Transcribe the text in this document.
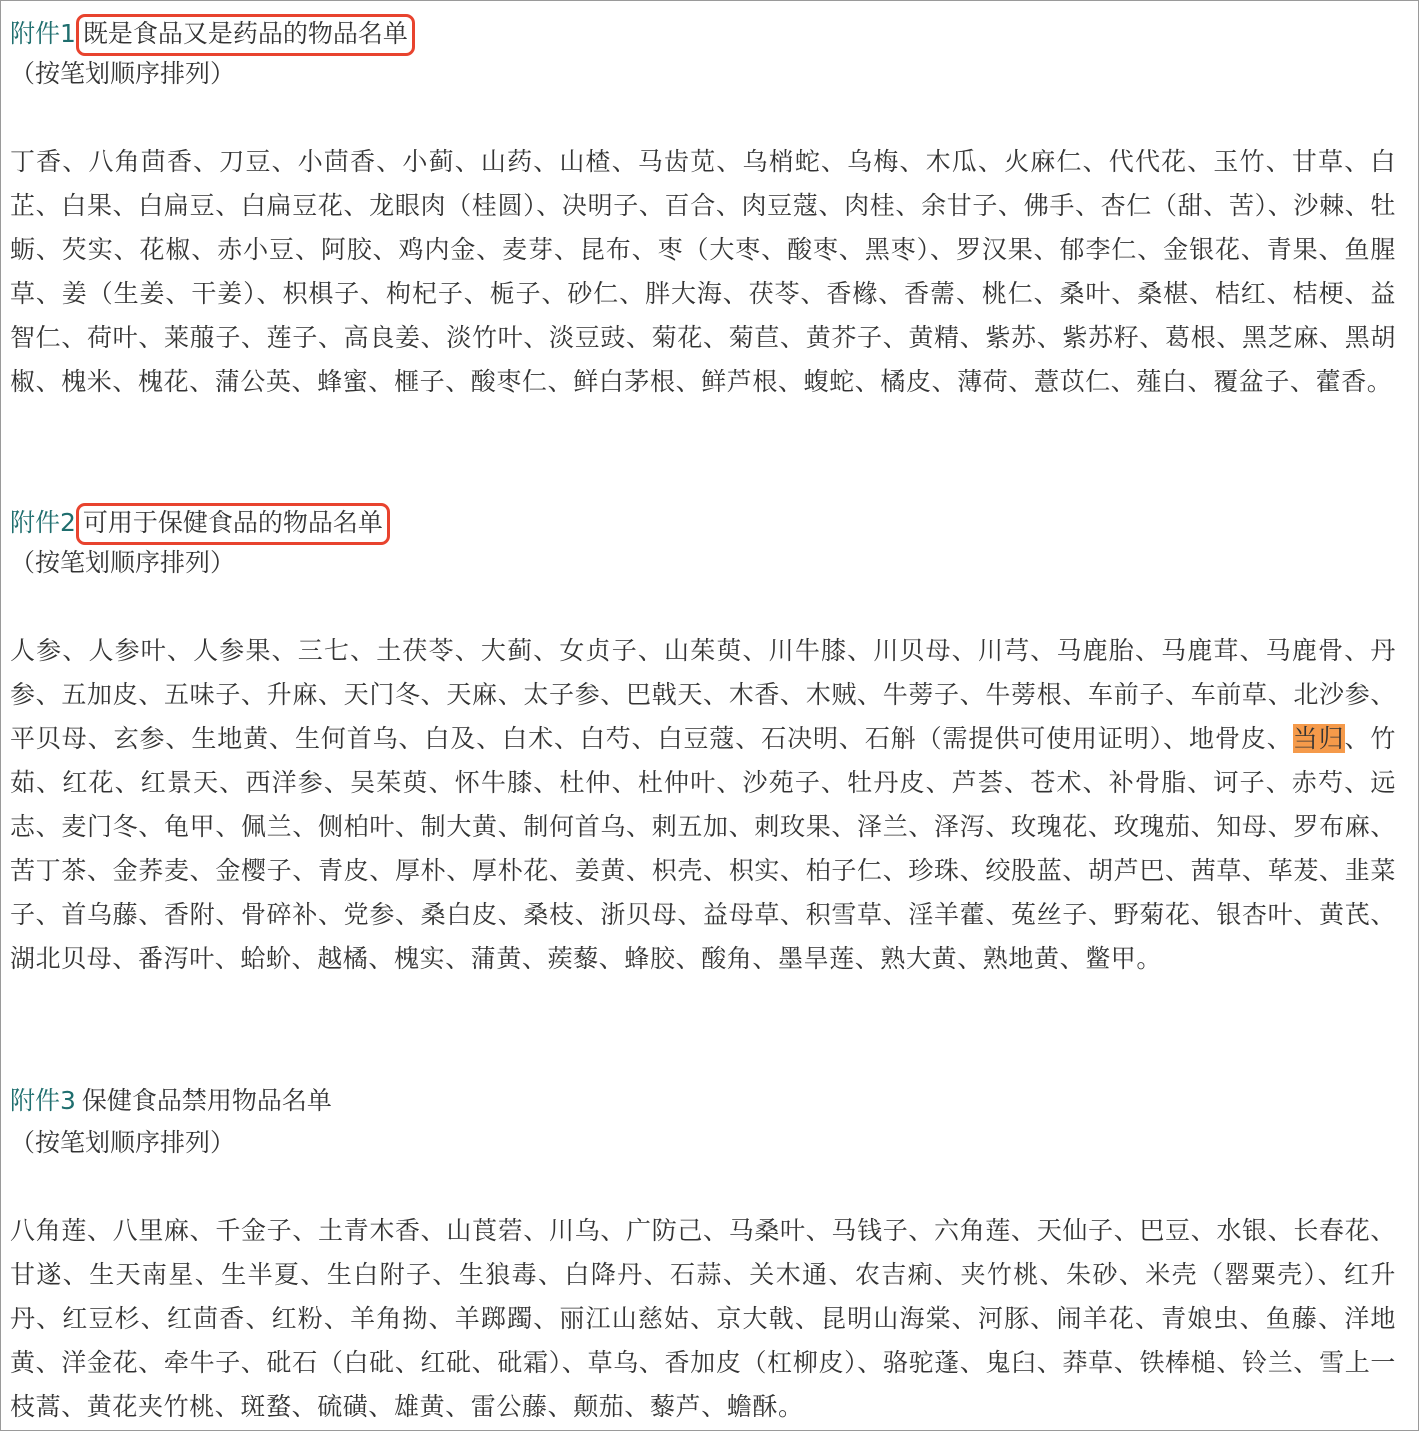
附件1 既是食品又是药品的物品名单
（按笔划顺序排列）
丁香、八角茴香、刀豆、小茴香、小蓟、山药、山楂、马齿苋、乌梢蛇、乌梅、木瓜、火麻仁、代代花、玉竹、甘草、白芷、白果、白扁豆、白扁豆花、龙眼肉（桂圆）、决明子、百合、肉豆蔻、肉桂、余甘子、佛手、杏仁（甜、苦）、沙棘、牡蛎、芡实、花椒、赤小豆、阿胶、鸡内金、麦芽、昆布、枣（大枣、酸枣、黑枣）、罗汉果、郁李仁、金银花、青果、鱼腥草、姜（生姜、干姜）、枳椇子、枸杞子、栀子、砂仁、胖大海、茯苓、香橼、香薷、桃仁、桑叶、桑椹、桔红、桔梗、益智仁、荷叶、莱菔子、莲子、高良姜、淡竹叶、淡豆豉、菊花、菊苣、黄芥子、黄精、紫苏、紫苏籽、葛根、黑芝麻、黑胡椒、槐米、槐花、蒲公英、蜂蜜、榧子、酸枣仁、鲜白茅根、鲜芦根、蝮蛇、橘皮、薄荷、薏苡仁、薤白、覆盆子、藿香。
附件2 可用于保健食品的物品名单
（按笔划顺序排列）
人参、人参叶、人参果、三七、土茯苓、大蓟、女贞子、山茱萸、川牛膝、川贝母、川芎、马鹿胎、马鹿茸、马鹿骨、丹参、五加皮、五味子、升麻、天门冬、天麻、太子参、巴戟天、木香、木贼、牛蒡子、牛蒡根、车前子、车前草、北沙参、平贝母、玄参、生地黄、生何首乌、白及、白术、白芍、白豆蔻、石决明、石斛（需提供可使用证明）、地骨皮、当归、竹茹、红花、红景天、西洋参、吴茱萸、怀牛膝、杜仲、杜仲叶、沙苑子、牡丹皮、芦荟、苍术、补骨脂、诃子、赤芍、远志、麦门冬、龟甲、佩兰、侧柏叶、制大黄、制何首乌、刺五加、刺玫果、泽兰、泽泻、玫瑰花、玫瑰茄、知母、罗布麻、苦丁茶、金荞麦、金樱子、青皮、厚朴、厚朴花、姜黄、枳壳、枳实、柏子仁、珍珠、绞股蓝、胡芦巴、茜草、荜茇、韭菜子、首乌藤、香附、骨碎补、党参、桑白皮、桑枝、浙贝母、益母草、积雪草、淫羊藿、菟丝子、野菊花、银杏叶、黄芪、湖北贝母、番泻叶、蛤蚧、越橘、槐实、蒲黄、蒺藜、蜂胶、酸角、墨旱莲、熟大黄、熟地黄、鳖甲。
附件3 保健食品禁用物品名单
（按笔划顺序排列）
八角莲、八里麻、千金子、土青木香、山莨菪、川乌、广防己、马桑叶、马钱子、六角莲、天仙子、巴豆、水银、长春花、甘遂、生天南星、生半夏、生白附子、生狼毒、白降丹、石蒜、关木通、农吉痢、夹竹桃、朱砂、米壳（罂粟壳）、红升丹、红豆杉、红茴香、红粉、羊角拗、羊踯躅、丽江山慈姑、京大戟、昆明山海棠、河豚、闹羊花、青娘虫、鱼藤、洋地黄、洋金花、牵牛子、砒石（白砒、红砒、砒霜）、草乌、香加皮（杠柳皮）、骆驼蓬、鬼臼、莽草、铁棒槌、铃兰、雪上一枝蒿、黄花夹竹桃、斑蝥、硫磺、雄黄、雷公藤、颠茄、藜芦、蟾酥。
